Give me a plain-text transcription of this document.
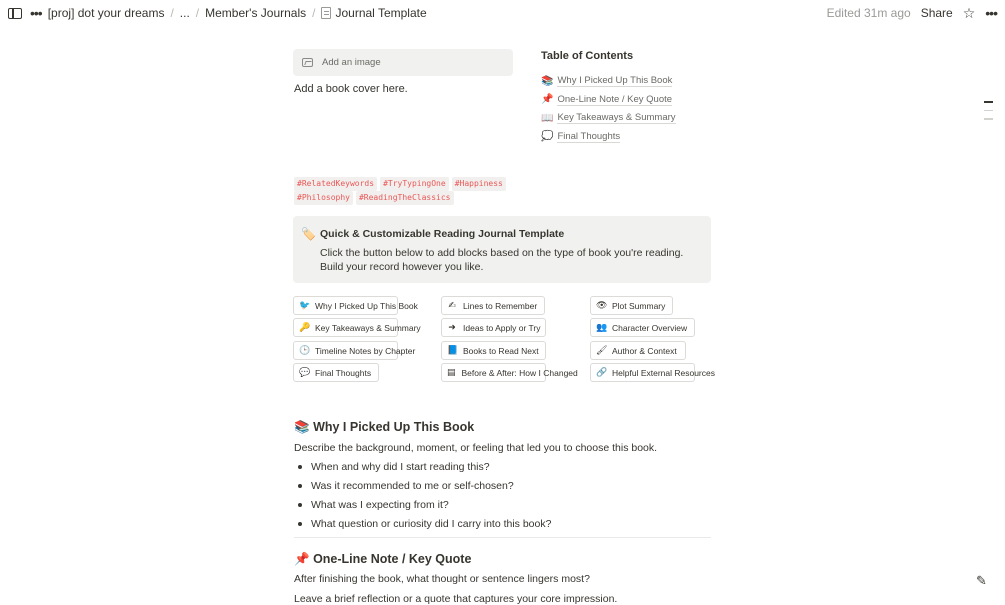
••• [proj] dot your dreams / ... / Member's Journals / Journal Template	Edited 31m ago Share ☆ •••
Add an image
Add a book cover here.
Table of Contents
📚 Why I Picked Up This Book
📌 One-Line Note / Key Quote
📖 Key Takeaways & Summary
💭 Final Thoughts
#RelatedKeywords #TryTypingOne #Happiness
#Philosophy #ReadingTheClassics
🏷️ Quick & Customizable Reading Journal Template
Click the button below to add blocks based on the type of book you're reading. Build your record however you like.
🐦 Why I Picked Up This Book
🔑 Key Takeaways & Summary
🕒 Timeline Notes by Chapter
💬 Final Thoughts
✍ Lines to Remember
➜ Ideas to Apply or Try
📘 Books to Read Next
▤ Before & After: How I Changed
👁 Plot Summary
👥 Character Overview
🖌 Author & Context
🔗 Helpful External Resources
📚 Why I Picked Up This Book
Describe the background, moment, or feeling that led you to choose this book.
When and why did I start reading this?
Was it recommended to me or self-chosen?
What was I expecting from it?
What question or curiosity did I carry into this book?
📌 One-Line Note / Key Quote
After finishing the book, what thought or sentence lingers most?
Leave a brief reflection or a quote that captures your core impression.
✎
